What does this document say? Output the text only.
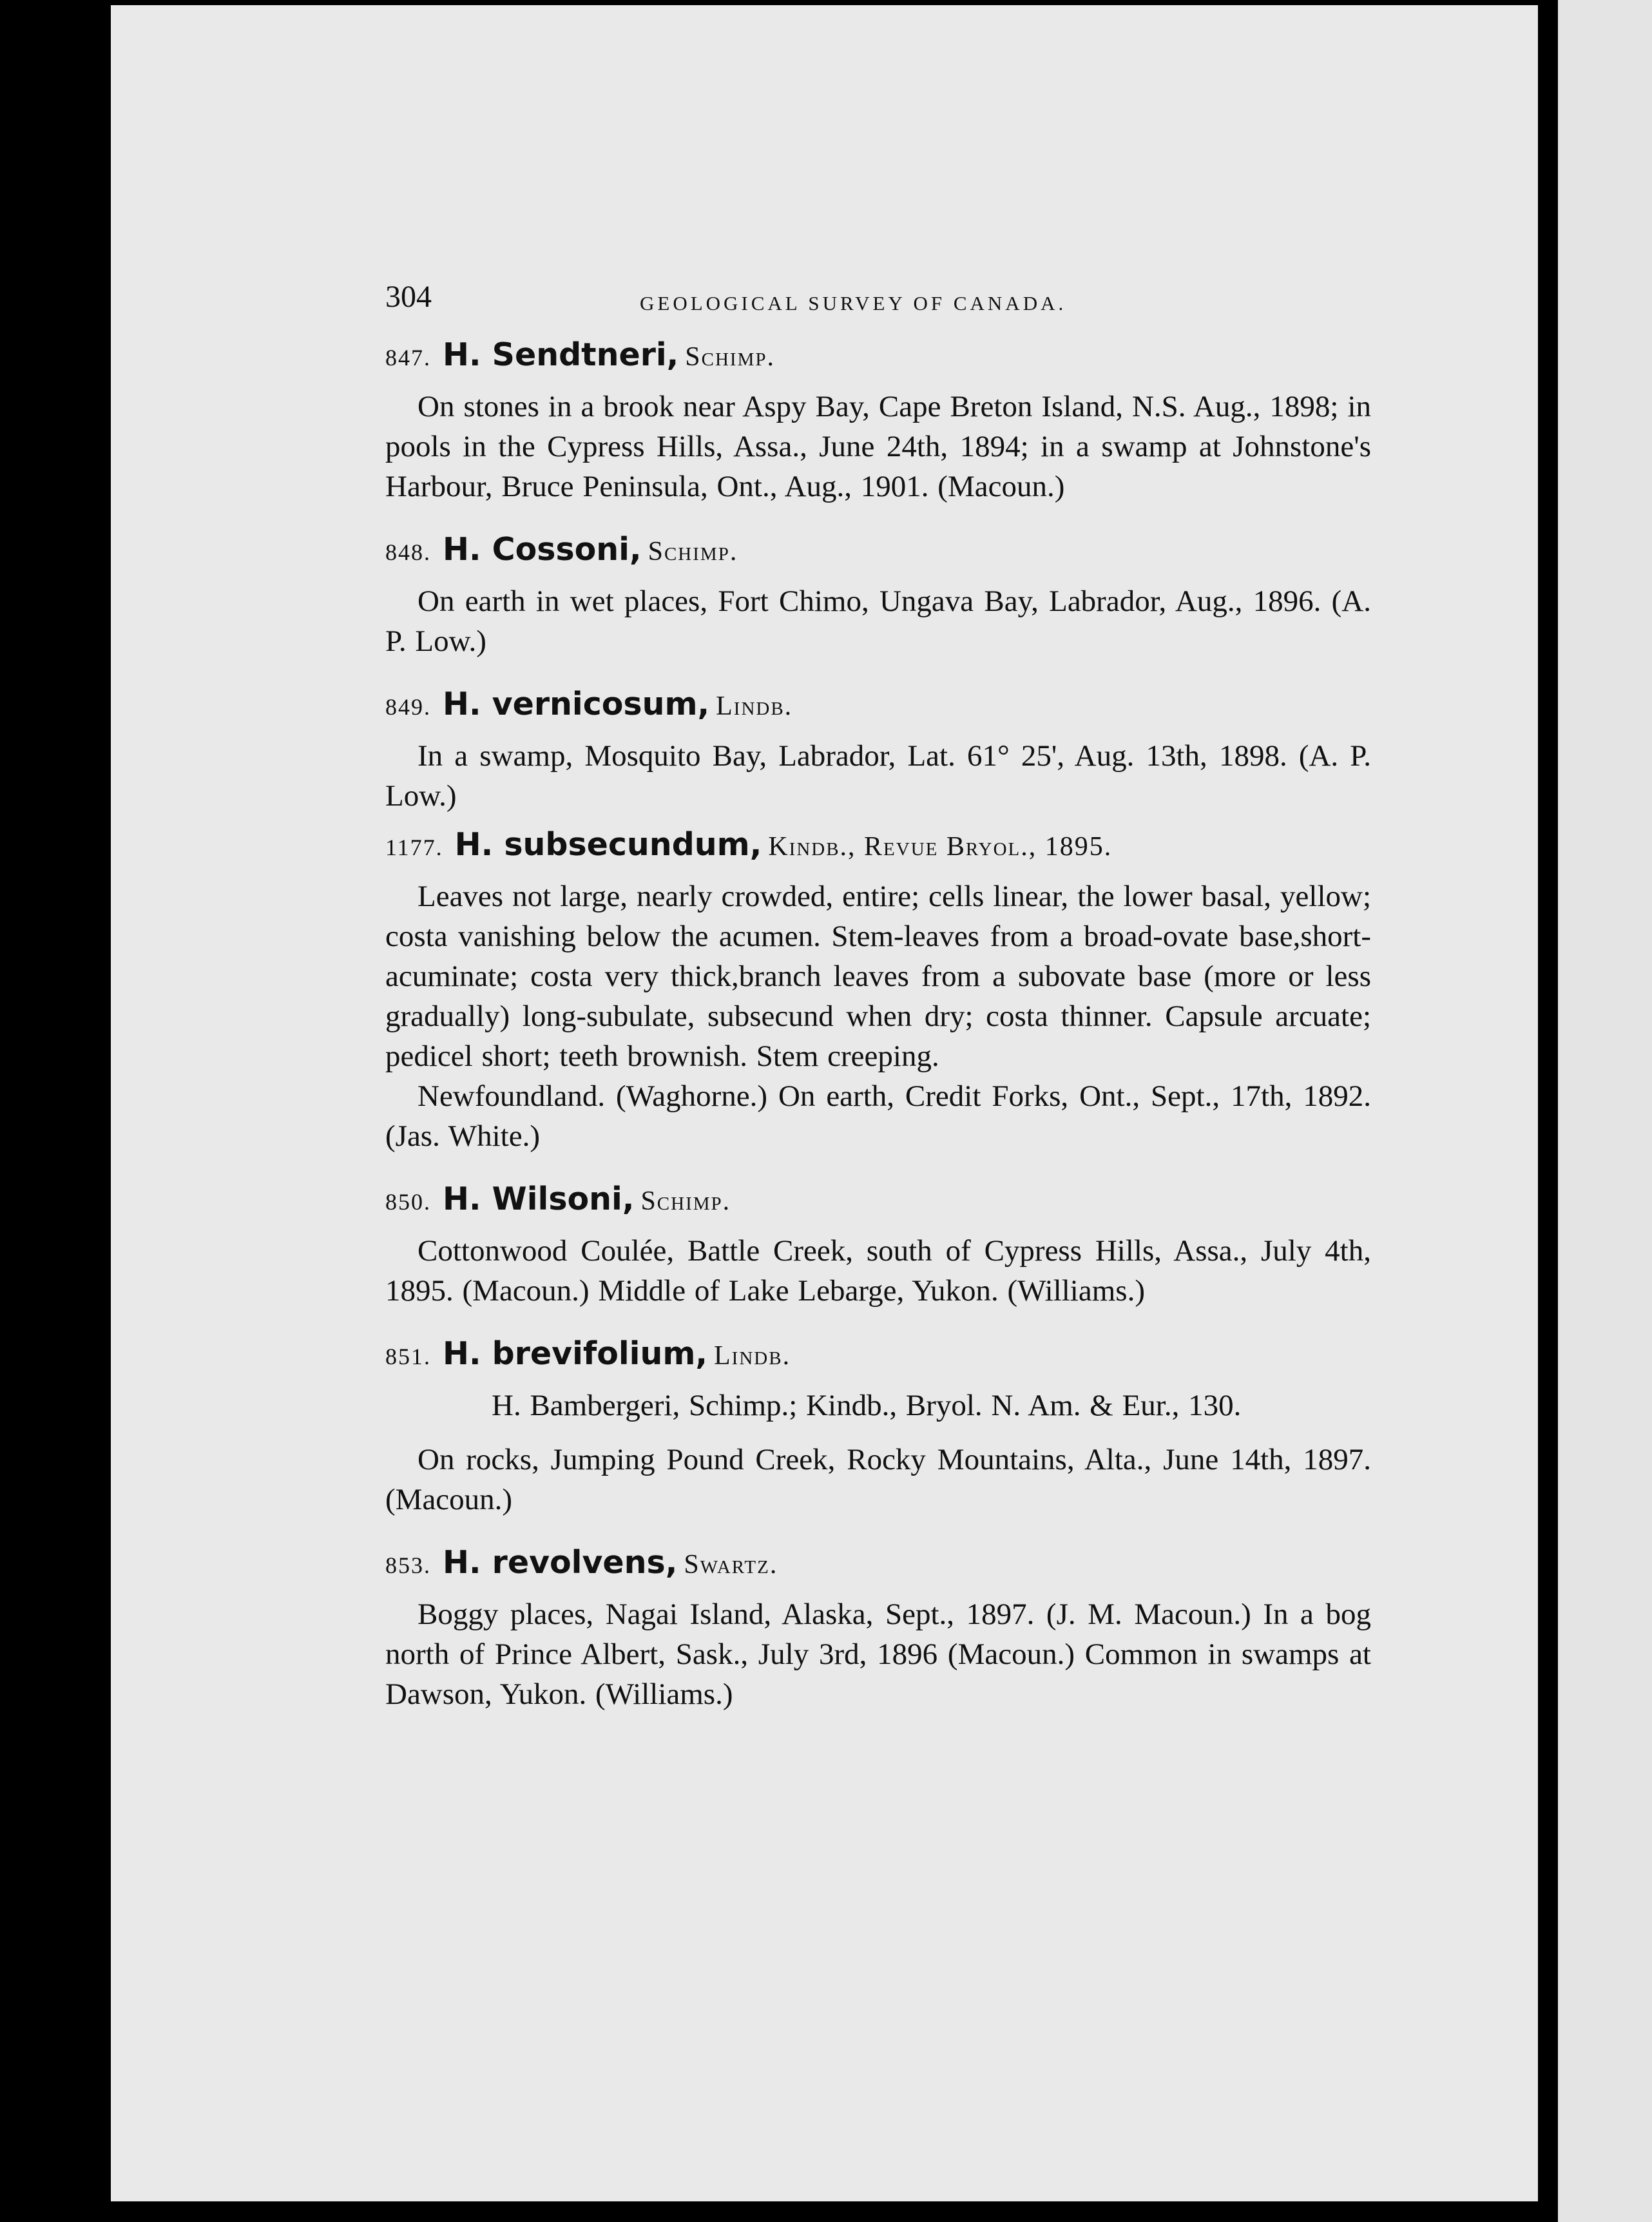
304	GEOLOGICAL SURVEY OF CANADA.
847. H. Sendtneri, Schimp.

On stones in a brook near Aspy Bay, Cape Breton Island, N.S. Aug., 1898; in pools in the Cypress Hills, Assa., June 24th, 1894; in a swamp at Johnstone's Harbour, Bruce Peninsula, Ont., Aug., 1901. (Macoun.)

848. H. Cossoni, Schimp.

On earth in wet places, Fort Chimo, Ungava Bay, Labrador, Aug., 1896. (A. P. Low.)

849. H. vernicosum, Lindb.

In a swamp, Mosquito Bay, Labrador, Lat. 61° 25', Aug. 13th, 1898. (A. P. Low.)

1177. H. subsecundum, Kindb., Revue Bryol., 1895.

Leaves not large, nearly crowded, entire; cells linear, the lower basal, yellow; costa vanishing below the acumen. Stem-leaves from a broad-ovate base,short-acuminate; costa very thick,branch leaves from a subovate base (more or less gradually) long-subulate, subsecund when dry; costa thinner. Capsule arcuate; pedicel short; teeth brownish. Stem creeping.

Newfoundland. (Waghorne.) On earth, Credit Forks, Ont., Sept., 17th, 1892. (Jas. White.)

850. H. Wilsoni, Schimp.

Cottonwood Coulée, Battle Creek, south of Cypress Hills, Assa., July 4th, 1895. (Macoun.) Middle of Lake Lebarge, Yukon. (Williams.)

851. H. brevifolium, Lindb.

H. Bambergeri, Schimp.; Kindb., Bryol. N. Am. & Eur., 130.

On rocks, Jumping Pound Creek, Rocky Mountains, Alta., June 14th, 1897. (Macoun.)

853. H. revolvens, Swartz.

Boggy places, Nagai Island, Alaska, Sept., 1897. (J. M. Macoun.) In a bog north of Prince Albert, Sask., July 3rd, 1896 (Macoun.) Common in swamps at Dawson, Yukon. (Williams.)
